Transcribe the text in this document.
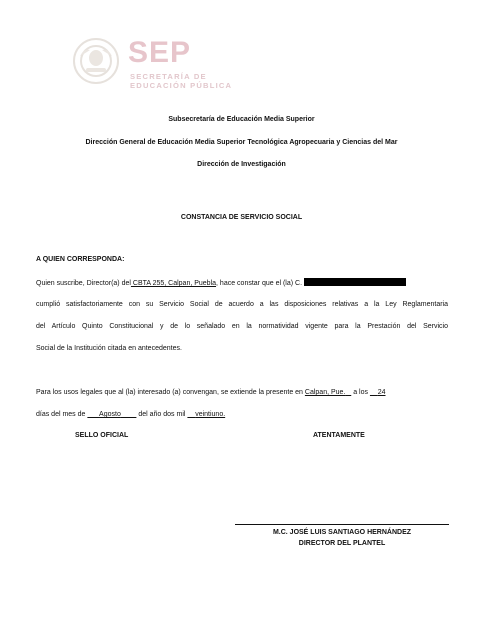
SEP
SECRETARÍA DE
EDUCACIÓN PÚBLICA
Subsecretaría de Educación Media Superior
Dirección General de Educación Media Superior Tecnológica Agropecuaria y Ciencias del Mar
Dirección de Investigación
CONSTANCIA DE SERVICIO SOCIAL
A QUIEN CORRESPONDA:
Quien suscribe, Director(a) del CBTA 255, Calpan, Puebla, hace constar que el (la) C.
cumplió satisfactoriamente con su Servicio Social de acuerdo a las disposiciones relativas a la Ley Reglamentaria
del Artículo Quinto Constitucional y de lo señalado en la normatividad vigente para la Prestación del Servicio
Social de la Institución citada en antecedentes.
Para los usos legales que al (la) interesado (a) convengan, se extiende la presente en Calpan, Pue. a los 24
días del mes de Agosto	del año dos mil veintiuno.
SELLO OFICIAL	ATENTAMENTE
M.C. JOSÉ LUIS SANTIAGO HERNÁNDEZ
DIRECTOR DEL PLANTEL
